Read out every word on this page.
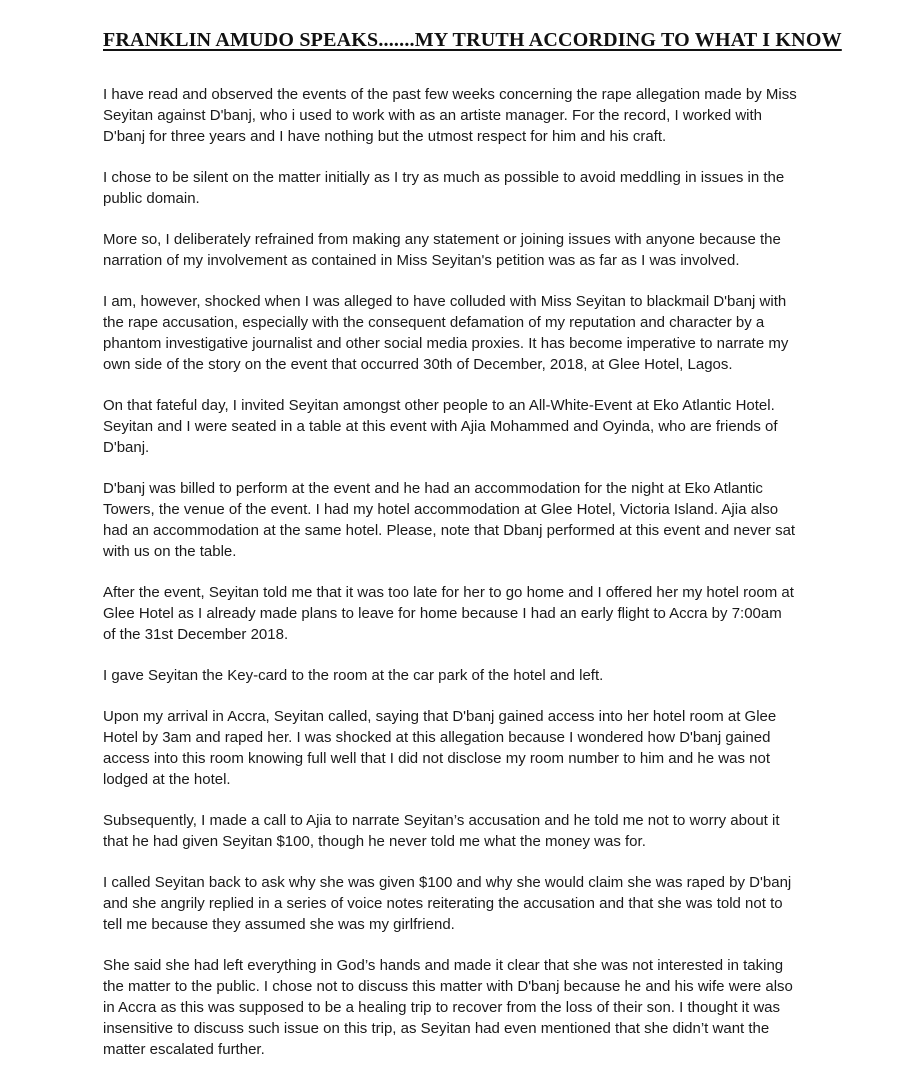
FRANKLIN AMUDO SPEAKS.......MY TRUTH ACCORDING TO WHAT I KNOW

I have read and observed the events of the past few weeks concerning the rape allegation made by Miss Seyitan against D'banj, who i used to work with as an artiste manager. For the record, I worked with D'banj for three years and I have nothing but the utmost respect for him and his craft.

I chose to be silent on the matter initially as I try as much as possible to avoid meddling in issues in the public domain.

More so, I deliberately refrained from making any statement or joining issues with anyone because the narration of my involvement as contained in Miss Seyitan's petition was as far as I was involved.

I am, however, shocked when I was alleged to have colluded with Miss Seyitan to blackmail D'banj with the rape accusation, especially with the consequent defamation of my reputation and character by a phantom investigative journalist and other social media proxies. It has become imperative to narrate my own side of the story on the event that occurred 30th of December, 2018, at Glee Hotel, Lagos.

On that fateful day, I invited Seyitan amongst other people to an All-White-Event at Eko Atlantic Hotel. Seyitan and I were seated in a table at this event with Ajia Mohammed and Oyinda, who are friends of D'banj.

D'banj was billed to perform at the event and he had an accommodation for the night at Eko Atlantic Towers, the venue of the event. I had my hotel accommodation at Glee Hotel, Victoria Island. Ajia also had an accommodation at the same hotel. Please, note that Dbanj performed at this event and never sat with us on the table.

After the event, Seyitan told me that it was too late for her to go home and I offered her my hotel room at Glee Hotel as I already made plans to leave for home because I had an early flight to Accra by 7:00am of the 31st December 2018.

I gave Seyitan the Key-card to the room at the car park of the hotel and left.

Upon my arrival in Accra, Seyitan called, saying that D'banj gained access into her hotel room at Glee Hotel by 3am and raped her. I was shocked at this allegation because I wondered how D'banj gained access into this room knowing full well that I did not disclose my room number to him and he was not lodged at the hotel.

Subsequently, I made a call to Ajia to narrate Seyitan’s accusation and he told me not to worry about it that he had given Seyitan $100, though he never told me what the money was for.

I called Seyitan back to ask why she was given $100 and why she would claim she was raped by D'banj and she angrily replied in a series of voice notes reiterating the accusation and that she was told not to tell me because they assumed she was my girlfriend.

She said she had left everything in God’s hands and made it clear that she was not interested in taking the matter to the public. I chose not to discuss this matter with D'banj because he and his wife were also in Accra as this was supposed to be a healing trip to recover from the loss of their son. I thought it was insensitive to discuss such issue on this trip, as Seyitan had even mentioned that she didn’t want the matter escalated further.
